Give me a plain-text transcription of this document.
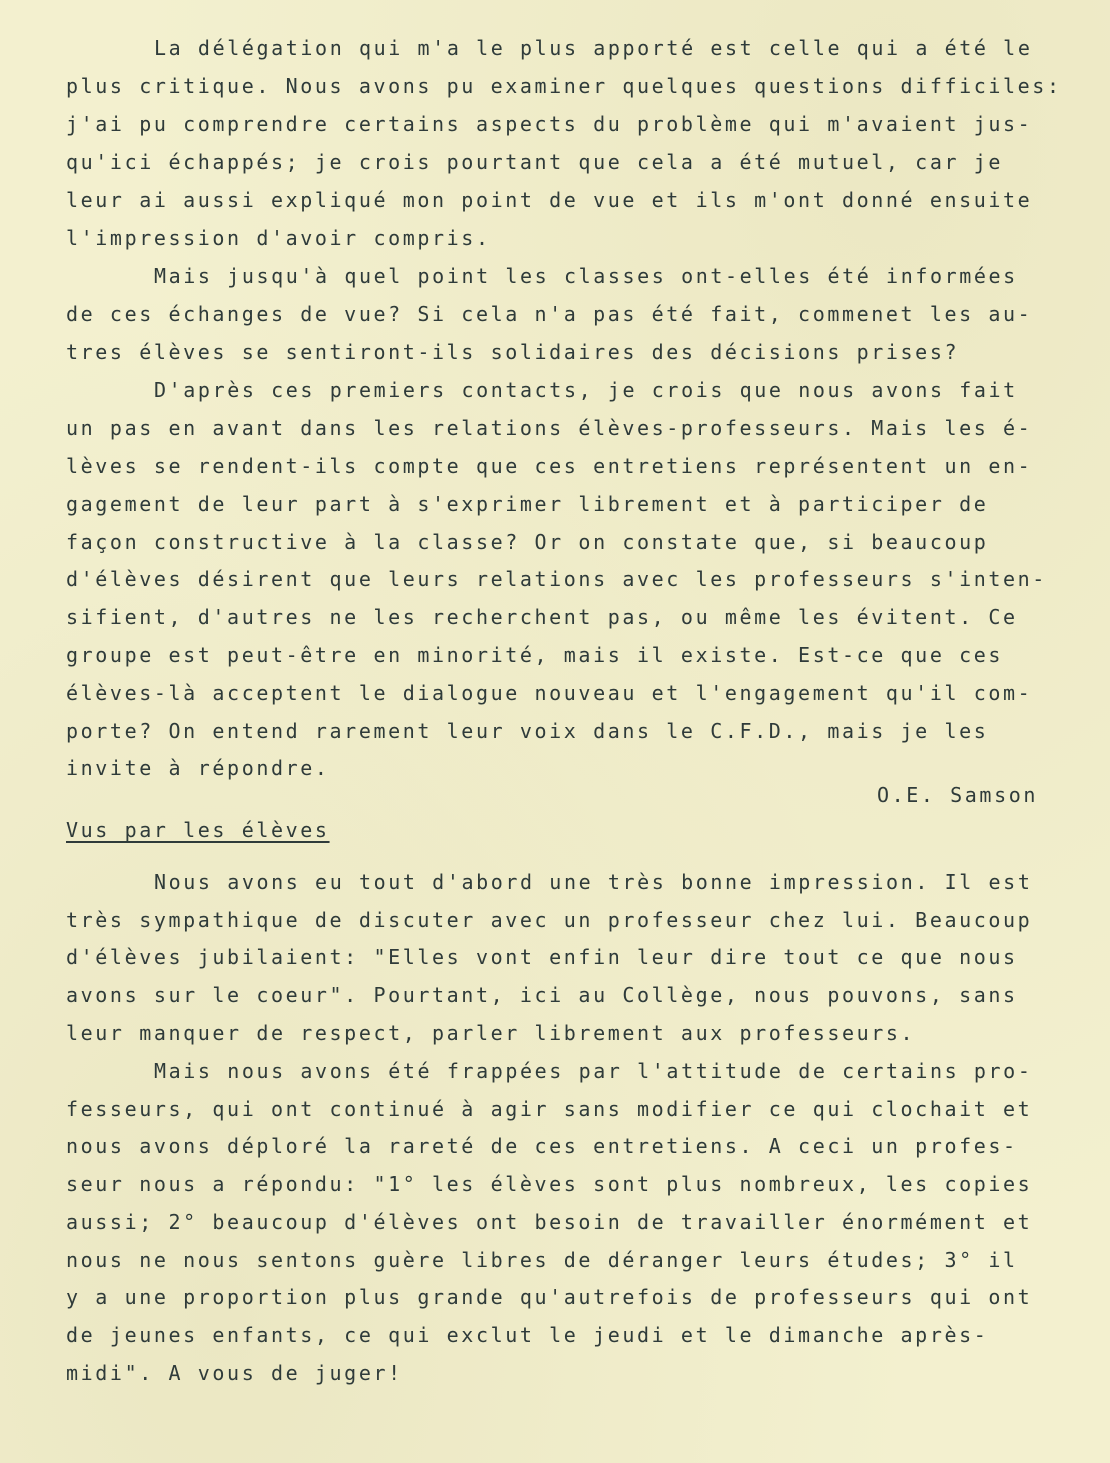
La délégation qui m'a le plus apporté est celle qui a été le

plus critique. Nous avons pu examiner quelques questions difficiles:

j'ai pu comprendre certains aspects du problème qui m'avaient jus-

qu'ici échappés; je crois pourtant que cela a été mutuel, car je

leur ai aussi expliqué mon point de vue et ils m'ont donné ensuite

l'impression d'avoir compris.

Mais jusqu'à quel point les classes ont-elles été informées

de ces échanges de vue? Si cela n'a pas été fait, commenet les au-

tres élèves se sentiront-ils solidaires des décisions prises?

D'après ces premiers contacts, je crois que nous avons fait

un pas en avant dans les relations élèves-professeurs. Mais les é-

lèves se rendent-ils compte que ces entretiens représentent un en-

gagement de leur part à s'exprimer librement et à participer de

façon constructive à la classe? Or on constate que, si beaucoup

d'élèves désirent que leurs relations avec les professeurs s'inten-

sifient, d'autres ne les recherchent pas, ou même les évitent. Ce

groupe est peut-être en minorité, mais il existe. Est-ce que ces

élèves-là acceptent le dialogue nouveau et l'engagement qu'il com-

porte? On entend rarement leur voix dans le C.F.D., mais je les

invite à répondre.

O.E. Samson

Vus par les élèves

Nous avons eu tout d'abord une très bonne impression. Il est

très sympathique de discuter avec un professeur chez lui. Beaucoup

d'élèves jubilaient: "Elles vont enfin leur dire tout ce que nous

avons sur le coeur". Pourtant, ici au Collège, nous pouvons, sans

leur manquer de respect, parler librement aux professeurs.

Mais nous avons été frappées par l'attitude de certains pro-

fesseurs, qui ont continué à agir sans modifier ce qui clochait et

nous avons déploré la rareté de ces entretiens. A ceci un profes-

seur nous a répondu: "1° les élèves sont plus nombreux, les copies

aussi; 2° beaucoup d'élèves ont besoin de travailler énormément et

nous ne nous sentons guère libres de déranger leurs études; 3° il

y a une proportion plus grande qu'autrefois de professeurs qui ont

de jeunes enfants, ce qui exclut le jeudi et le dimanche après-

midi". A vous de juger!
